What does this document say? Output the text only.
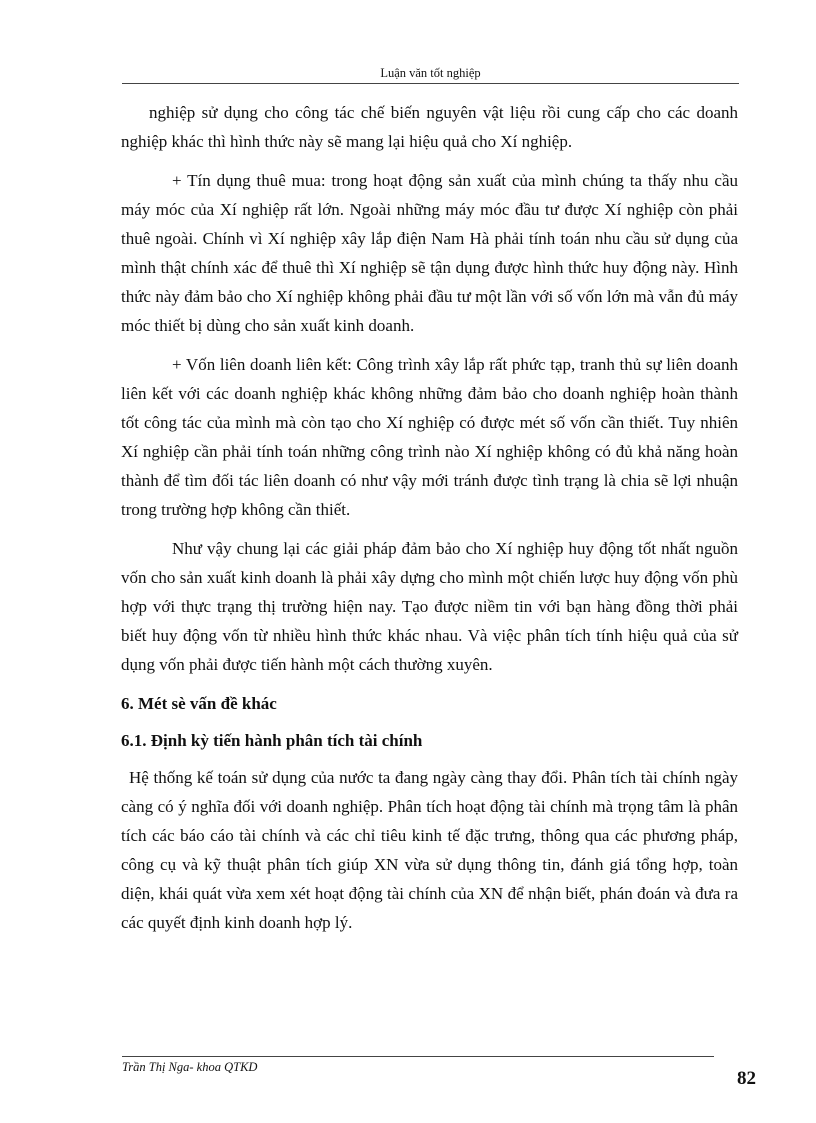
Luận văn tốt nghiệp

nghiệp sử dụng cho công tác chế biến nguyên vật liệu rồi cung cấp cho các doanh nghiệp khác thì hình thức này sẽ mang lại hiệu quả cho Xí nghiệp.

+ Tín dụng thuê mua: trong hoạt động sản xuất của mình chúng ta thấy nhu cầu máy móc của Xí nghiệp rất lớn. Ngoài những máy móc đầu tư được Xí nghiệp còn phải thuê ngoài. Chính vì Xí nghiệp xây lắp điện Nam Hà phải tính toán nhu cầu sử dụng của mình thật chính xác để thuê thì Xí nghiệp sẽ tận dụng được hình thức huy động này. Hình thức này đảm bảo cho Xí nghiệp không phải đầu tư một lần với số vốn lớn mà vẫn đủ máy móc thiết bị dùng cho sản xuất kinh doanh.

+ Vốn liên doanh liên kết: Công trình xây lắp rất phức tạp, tranh thủ sự liên doanh liên kết với các doanh nghiệp khác không những đảm bảo cho doanh nghiệp hoàn thành tốt công tác của mình mà còn tạo cho Xí nghiệp có được mét số vốn cần thiết. Tuy nhiên Xí nghiệp cần phải tính toán những công trình nào Xí nghiệp không có đủ khả năng hoàn thành để tìm đối tác liên doanh có như vậy mới tránh được tình trạng là chia sẽ lợi nhuận trong trường hợp không cần thiết.

Như vậy chung lại các giải pháp đảm bảo cho Xí nghiệp huy động tốt nhất nguồn vốn cho sản xuất kinh doanh là phải xây dựng cho mình một chiến lược huy động vốn phù hợp với thực trạng thị trường hiện nay. Tạo được niềm tin với bạn hàng đồng thời phải biết huy động vốn từ nhiều hình thức khác nhau. Và việc phân tích tính hiệu quả của sử dụng vốn phải được tiến hành một cách thường xuyên.

6. Mét sè vấn đề khác
6.1. Định kỳ tiến hành phân tích tài chính

Hệ thống kế toán sử dụng của nước ta đang ngày càng thay đổi. Phân tích tài chính ngày càng có ý nghĩa đối với doanh nghiệp. Phân tích hoạt động tài chính mà trọng tâm là phân tích các báo cáo tài chính và các chỉ tiêu kinh tế đặc trưng, thông qua các phương pháp, công cụ và kỹ thuật phân tích giúp XN vừa sử dụng thông tin, đánh giá tổng hợp, toàn diện, khái quát vừa xem xét hoạt động tài chính của XN để nhận biết, phán đoán và đưa ra các quyết định kinh doanh hợp lý.

Trần Thị Nga- khoa QTKD
82
